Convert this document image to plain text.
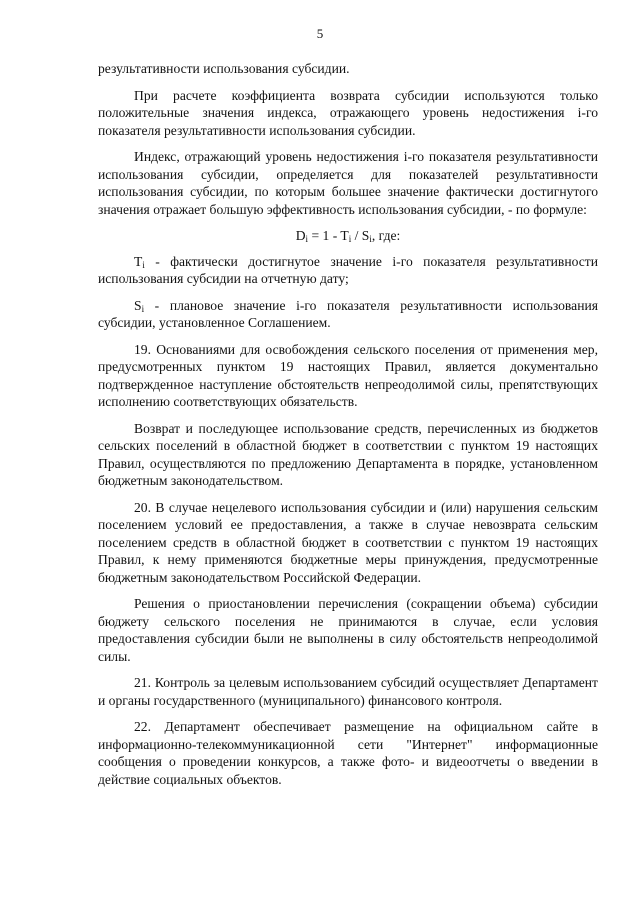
5

результативности использования субсидии.

При расчете коэффициента возврата субсидии используются только положительные значения индекса, отражающего уровень недостижения i-го показателя результативности использования субсидии.

Индекс, отражающий уровень недостижения i-го показателя результативности использования субсидии, определяется для показателей результативности использования субсидии, по которым большее значение фактически достигнутого значения отражает большую эффективность использования субсидии, - по формуле:

$D_i = 1 - T_i / S_i$, где:

$T_i$ - фактически достигнутое значение i-го показателя результативности использования субсидии на отчетную дату;

$S_i$ - плановое значение i-го показателя результативности использования субсидии, установленное Соглашением.

19. Основаниями для освобождения сельского поселения от применения мер, предусмотренных пунктом 19 настоящих Правил, является документально подтвержденное наступление обстоятельств непреодолимой силы, препятствующих исполнению соответствующих обязательств.

Возврат и последующее использование средств, перечисленных из бюджетов сельских поселений в областной бюджет в соответствии с пунктом 19 настоящих Правил, осуществляются по предложению Департамента в порядке, установленном бюджетным законодательством.

20. В случае нецелевого использования субсидии и (или) нарушения сельским поселением условий ее предоставления, а также в случае невозврата сельским поселением средств в областной бюджет в соответствии с пунктом 19 настоящих Правил, к нему применяются бюджетные меры принуждения, предусмотренные бюджетным законодательством Российской Федерации.

Решения о приостановлении перечисления (сокращении объема) субсидии бюджету сельского поселения не принимаются в случае, если условия предоставления субсидии были не выполнены в силу обстоятельств непреодолимой силы.

21. Контроль за целевым использованием субсидий осуществляет Департамент и органы государственного (муниципального) финансового контроля.

22. Департамент обеспечивает размещение на официальном сайте в информационно-телекоммуникационной сети "Интернет" информационные сообщения о проведении конкурсов, а также фото- и видеоотчеты о введении в действие социальных объектов.
